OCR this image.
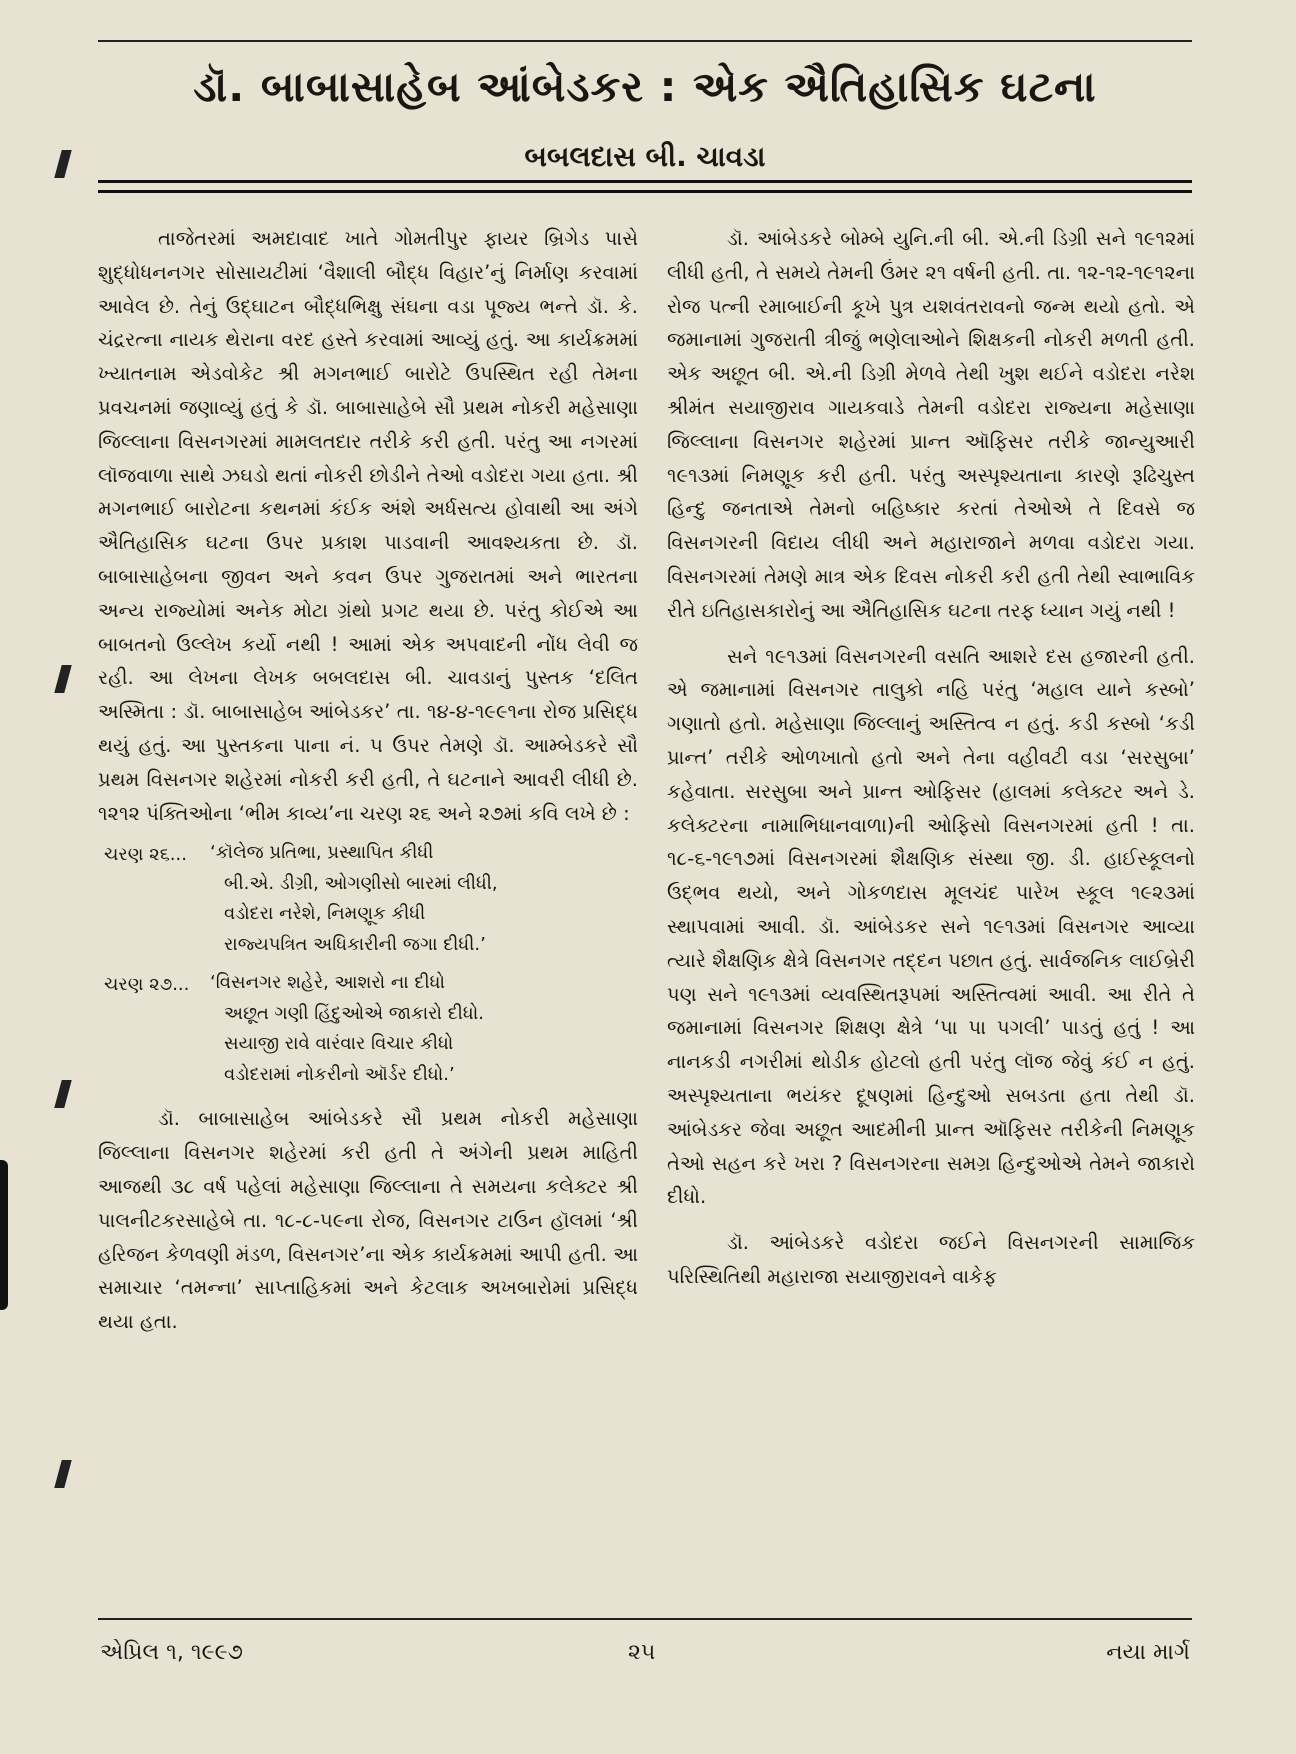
ડૉ. બાબાસાહેબ આંબેડકર : એક ઐતિહાસિક ઘટના
બબલદાસ બી. ચાવડા

તાજેતરમાં અમદાવાદ ખાતે ગોમતીપુર ફાયર બ્રિગેડ પાસે શુદ્ધોધનનગર સોસાયટીમાં ‘વૈશાલી બૌદ્ધ વિહાર’નું નિર્માણ કરવામાં આવેલ છે. તેનું ઉદ્ઘાટન બૌદ્ધભિક્ષુ સંઘના વડા પૂજ્ય ભન્તે ડૉ. કે. ચંદ્રરત્ના નાયક થેરાના વરદ હસ્તે કરવામાં આવ્યું હતું. આ કાર્યક્રમમાં ખ્યાતનામ એડવોકેટ શ્રી મગનભાઈ બારોટે ઉપસ્થિત રહી તેમના પ્રવચનમાં જણાવ્યું હતું કે ડૉ. બાબાસાહેબે સૌ પ્રથમ નોકરી મહેસાણા જિલ્લાના વિસનગરમાં મામલતદાર તરીકે કરી હતી. પરંતુ આ નગરમાં લૉજવાળા સાથે ઝઘડો થતાં નોકરી છોડીને તેઓ વડોદરા ગયા હતા. શ્રી મગનભાઈ બારોટના કથનમાં કંઈક અંશે અર્ધસત્ય હોવાથી આ અંગે ઐતિહાસિક ઘટના ઉપર પ્રકાશ પાડવાની આવશ્યકતા છે. ડૉ. બાબાસાહેબના જીવન અને કવન ઉપર ગુજરાતમાં અને ભારતના અન્ય રાજ્યોમાં અનેક મોટા ગ્રંથો પ્રગટ થયા છે. પરંતુ કોઈએ આ બાબતનો ઉલ્લેખ કર્યો નથી ! આમાં એક અપવાદની નોંધ લેવી જ રહી. આ લેખના લેખક બબલદાસ બી. ચાવડાનું પુસ્તક ‘દલિત અસ્મિતા : ડૉ. બાબાસાહેબ આંબેડકર’ તા. ૧૪-૪-૧૯૯૧ના રોજ પ્રસિદ્ધ થયું હતું. આ પુસ્તકના પાના નં. ૫ ઉપર તેમણે ડૉ. આમ્બેડકરે સૌ પ્રથમ વિસનગર શહેરમાં નોકરી કરી હતી, તે ઘટનાને આવરી લીધી છે. ૧૨૧૨ પંક્તિઓના ‘ભીમ કાવ્ય’ના ચરણ ૨૬ અને ૨૭માં કવિ લખે છે :

ચરણ ૨૬...	‘કૉલેજ પ્રતિભા, પ્રસ્થાપિત કીધી
બી.એ. ડીગ્રી, ઓગણીસો બારમાં લીધી,
વડોદરા નરેશે, નિમણૂક કીધી
રાજ્યપત્રિત અધિકારીની જગા દીધી.’
ચરણ ૨૭...	‘વિસનગર શહેરે, આશરો ના દીધો
અછૂત ગણી હિંદુઓએ જાકારો દીધો.
સયાજી રાવે વારંવાર વિચાર કીધો
વડોદરામાં નોકરીનો ઑર્ડર દીધો.’

ડૉ. બાબાસાહેબ આંબેડકરે સૌ પ્રથમ નોકરી મહેસાણા જિલ્લાના વિસનગર શહેરમાં કરી હતી તે અંગેની પ્રથમ માહિતી આજથી ૩૮ વર્ષ પહેલાં મહેસાણા જિલ્લાના તે સમયના કલેક્ટર શ્રી પાલનીટકરસાહેબે તા. ૧૮-૮-૫૯ના રોજ, વિસનગર ટાઉન હૉલમાં ‘શ્રી હરિજન કેળવણી મંડળ, વિસનગર’ના એક કાર્યક્રમમાં આપી હતી. આ સમાચાર ‘તમન્ના’ સાપ્તાહિકમાં અને કેટલાક અખબારોમાં પ્રસિદ્ધ થયા હતા.

ડૉ. આંબેડકરે બોમ્બે યુનિ.ની બી. એ.ની ડિગ્રી સને ૧૯૧૨માં લીધી હતી, તે સમયે તેમની ઉંમર ૨૧ વર્ષની હતી. તા. ૧૨-૧૨-૧૯૧૨ના રોજ પત્ની રમાબાઈની કૂખે પુત્ર યશવંતરાવનો જન્મ થયો હતો. એ જમાનામાં ગુજરાતી ત્રીજું ભણેલાઓને શિક્ષકની નોકરી મળતી હતી. એક અછૂત બી. એ.ની ડિગ્રી મેળવે તેથી ખુશ થઈને વડોદરા નરેશ શ્રીમંત સયાજીરાવ ગાયકવાડે તેમની વડોદરા રાજ્યના મહેસાણા જિલ્લાના વિસનગર શહેરમાં પ્રાન્ત ઑફિસર તરીકે જાન્યુઆરી ૧૯૧૩માં નિમણૂક કરી હતી. પરંતુ અસ્પૃશ્યતાના કારણે રૂઢિચુસ્ત હિન્દુ જનતાએ તેમનો બહિષ્કાર કરતાં તેઓએ તે દિવસે જ વિસનગરની વિદાય લીધી અને મહારાજાને મળવા વડોદરા ગયા. વિસનગરમાં તેમણે માત્ર એક દિવસ નોકરી કરી હતી તેથી સ્વાભાવિક રીતે ઇતિહાસકારોનું આ ઐતિહાસિક ઘટના તરફ ધ્યાન ગયું નથી !

સને ૧૯૧૩માં વિસનગરની વસતિ આશરે દસ હજારની હતી. એ જમાનામાં વિસનગર તાલુકો નહિ પરંતુ ‘મહાલ યાને કસ્બો’ ગણાતો હતો. મહેસાણા જિલ્લાનું અસ્તિત્વ ન હતું. કડી કસ્બો ‘કડી પ્રાન્ત’ તરીકે ઓળખાતો હતો અને તેના વહીવટી વડા ‘સરસુબા’ કહેવાતા. સરસુબા અને પ્રાન્ત ઓફિસર (હાલમાં કલેક્ટર અને ડે. કલેક્ટરના નામાભિધાનવાળા)ની ઓફિસો વિસનગરમાં હતી ! તા. ૧૮-૬-૧૯૧૭માં વિસનગરમાં શૈક્ષણિક સંસ્થા જી. ડી. હાઈસ્કૂલનો ઉદ્ભવ થયો, અને ગોકળદાસ મૂલચંદ પારેખ સ્કૂલ ૧૯૨૩માં સ્થાપવામાં આવી. ડૉ. આંબેડકર સને ૧૯૧૩માં વિસનગર આવ્યા ત્યારે શૈક્ષણિક ક્ષેત્રે વિસનગર તદ્દન પછાત હતું. સાર્વજનિક લાઈબ્રેરી પણ સને ૧૯૧૩માં વ્યવસ્થિતરૂપમાં અસ્તિત્વમાં આવી. આ રીતે તે જમાનામાં વિસનગર શિક્ષણ ક્ષેત્રે ‘પા પા પગલી’ પાડતું હતું ! આ નાનકડી નગરીમાં થોડીક હોટલો હતી પરંતુ લૉજ જેવું કંઈ ન હતું. અસ્પૃશ્યતાના ભયંકર દૂષણમાં હિન્દુઓ સબડતા હતા તેથી ડૉ. આંબેડકર જેવા અછૂત આદમીની પ્રાન્ત ઑફિસર તરીકેની નિમણૂક તેઓ સહન કરે ખરા ? વિસનગરના સમગ્ર હિન્દુઓએ તેમને જાકારો દીધો.

ડૉ. આંબેડકરે વડોદરા જઈને વિસનગરની સામાજિક પરિસ્થિતિથી મહારાજા સયાજીરાવને વાકેફ

એપ્રિલ ૧, ૧૯૯૭	૨૫	નયા માર્ગ
